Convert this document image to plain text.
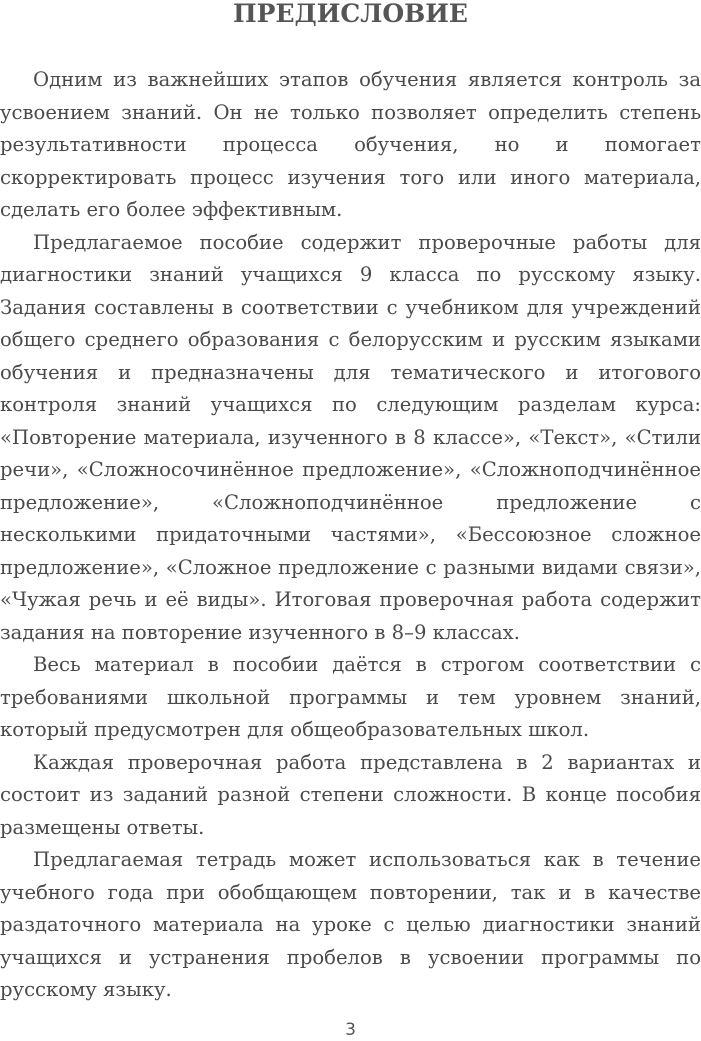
ПРЕДИСЛОВИЕ

Одним из важнейших этапов обучения является контроль за усвоением знаний. Он не только позволяет определить степень результативности процесса обучения, но и помогает скорректировать процесс изучения того или иного материала, сделать его более эффективным.

Предлагаемое пособие содержит проверочные работы для диагностики знаний учащихся 9 класса по русскому языку. Задания составлены в соответствии с учебником для учреждений общего среднего образования с белорусским и русским языками обучения и предназначены для тематического и итогового контроля знаний учащихся по следующим разделам курса: «Повторение материала, изученного в 8 классе», «Текст», «Стили речи», «Сложносочинённое предложение», «Сложноподчинённое предложение», «Сложноподчинённое предложение с несколькими придаточными частями», «Бессоюзное сложное предложение», «Сложное предложение с разными видами связи», «Чужая речь и её виды». Итоговая проверочная работа содержит задания на повторение изученного в 8–9 классах.

Весь материал в пособии даётся в строгом соответствии с требованиями школьной программы и тем уровнем знаний, который предусмотрен для общеобразовательных школ.

Каждая проверочная работа представлена в 2 вариантах и состоит из заданий разной степени сложности. В конце пособия размещены ответы.

Предлагаемая тетрадь может использоваться как в течение учебного года при обобщающем повторении, так и в качестве раздаточного материала на уроке с целью диагностики знаний учащихся и устранения пробелов в усвоении программы по русскому языку.

3
